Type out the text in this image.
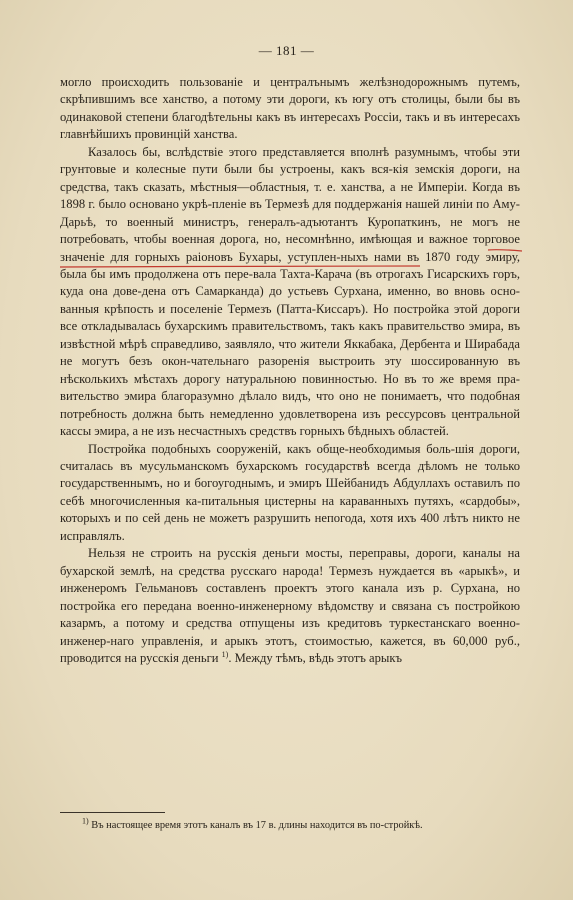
— 181 —

могло происходить пользованіе и централънымъ желѣзнодорожнымъ путемъ, скрѣпившимъ все ханство, а потому эти дороги, къ югу отъ столицы, были бы въ одинаковой степени благодѣтельны какъ въ интересахъ Россіи, такъ и въ интересахъ главнѣйшихъ провинцій ханства.

Казалось бы, вслѣдствіе этого представляется вполнѣ разумнымъ, чтобы эти грунтовые и колесные пути были бы устроены, какъ вся-кія земскія дороги, на средства, такъ сказать, мѣстныя—областныя, т. е. ханства, а не Имперіи. Когда въ 1898 г. было основано укрѣ-пленіе въ Термезѣ для поддержанія нашей линіи по Аму-Дарьѣ, то военный министръ, генералъ-адъютантъ Куропаткинъ, не могъ не потребовать, чтобы военная дорога, но, несомнѣнно, имѣющая и важное торговое значеніе для горныхъ раіоновъ Бухары, уступлен-ныхъ нами въ 1870 году эмиру, была бы имъ продолжена отъ пере-вала Тахта-Карача (въ отрогахъ Гисарскихъ горъ, куда она дове-дена отъ Самарканда) до устьевъ Сурхана, именно, во вновь осно-ванныя крѣпость и поселеніе Термезъ (Патта-Киссаръ). Но постройка этой дороги все откладывалась бухарскимъ правительствомъ, такъ какъ правительство эмира, въ извѣстной мѣрѣ справедливо, заявляло, что жители Яккабака, Дербента и Ширабада не могутъ безъ окон-чательнаго разоренія выстроить эту шоссированную въ нѣсколькихъ мѣстахъ дорогу натуральною повинностью. Но въ то же время пра-вительство эмира благоразумно дѣлало видъ, что оно не понимаетъ, что подобная потребность должна быть немедленно удовлетворена изъ рессурсовъ центральной кассы эмира, а не изъ несчастныхъ средствъ горныхъ бѣдныхъ областей.

Постройка подобныхъ сооруженій, какъ обще-необходимыя боль-шія дороги, считалась въ мусульманскомъ бухарскомъ государствѣ всегда дѣломъ не только государственнымъ, но и богоугоднымъ, и эмиръ Шейбанидъ Абдуллахъ оставилъ по себѣ многочисленныя ка-питальныя цистерны на караванныхъ путяхъ, «сардобы», которыхъ и по сей день не можетъ разрушить непогода, хотя ихъ 400 лѣтъ никто не исправлялъ.

Нельзя не строить на русскія деньги мосты, переправы, дороги, каналы на бухарской землѣ, на средства русскаго народа! Термезъ нуждается въ «арыкѣ», и инженеромъ Гельмановъ составленъ проектъ этого канала изъ р. Сурхана, но постройка его передана военно-инженерному вѣдомству и связана съ постройкою казармъ, а потому и средства отпущены изъ кредитовъ туркестанскаго военно-инженер-наго управленія, и арыкъ этотъ, стоимостью, кажется, въ 60,000 руб., проводится на русскія деньги $^{1)}$. Между тѣмъ, вѣдь этотъ арыкъ

$^{1)}$ Въ настоящее время этотъ каналъ въ 17 в. длины находится въ по-стройкѣ.
